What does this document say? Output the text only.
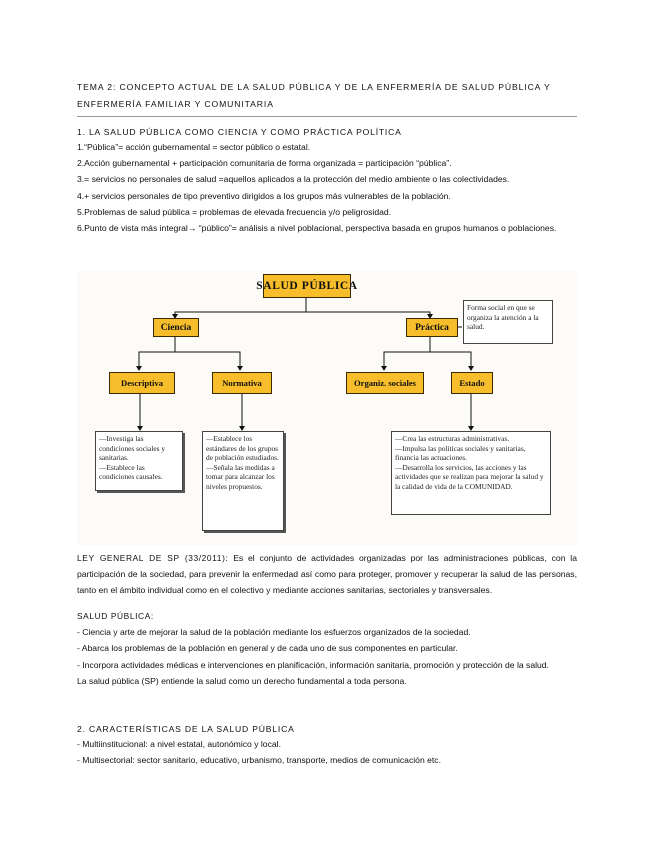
TEMA 2: CONCEPTO ACTUAL DE LA SALUD PÚBLICA Y DE LA ENFERMERÍA DE SALUD PÚBLICA Y ENFERMERÍA FAMILIAR Y COMUNITARIA
1. LA SALUD PÚBLICA COMO CIENCIA Y COMO PRÁCTICA POLÍTICA

1.“Pública”= acción gubernamental = sector público o estatal.

2.Acción gubernamental + participación comunitaria de forma organizada = participación “pública”.

3.= servicios no personales de salud =aquellos aplicados a la protección del medio ambiente o las colectividades.

4.+ servicios personales de tipo preventivo dirigidos a los grupos más vulnerables de la población.

5.Problemas de salud pública = problemas de elevada frecuencia y/o peligrosidad.

6.Punto de vista más integral→ “público”= análisis a nivel poblacional, perspectiva basada en grupos humanos o poblaciones.

SALUD PÚBLICA
Ciencia	Práctica
Forma social en que se organiza la atención a la salud.
Descriptiva	Normativa	Organiz. sociales	Estado

—Investiga las condiciones sociales y sanitarias.

—Establece las condiciones causales.

—Establece los estándares de los grupos de población estudiados.

—Señala las medidas a tomar para alcanzar los niveles propuestos.

—Crea las estructuras administrativas.

—Impulsa las políticas sociales y sanitarias, financia las actuaciones.

—Desarrolla los servicios, las acciones y las actividades que se realizan para mejorar la salud y la calidad de vida de la COMUNIDAD.

LEY GENERAL DE SP (33/2011): Es el conjunto de actividades organizadas por las administraciones públicas, con la participación de la sociedad, para prevenir la enfermedad así como para proteger, promover y recuperar la salud de las personas, tanto en el ámbito individual como en el colectivo y mediante acciones sanitarias, sectoriales y transversales.

SALUD PÚBLICA:

- Ciencia y arte de mejorar la salud de la población mediante los esfuerzos organizados de la sociedad.

- Abarca los problemas de la población en general y de cada uno de sus componentes en particular.

- Incorpora actividades médicas e intervenciones en planificación, información sanitaria, promoción y protección de la salud.

La salud pública (SP) entiende la salud como un derecho fundamental a toda persona.

2. CARACTERÍSTICAS DE LA SALUD PÚBLICA

- Multiinstitucional: a nivel estatal, autonómico y local.

- Multisectorial: sector sanitario, educativo, urbanismo, transporte, medios de comunicación etc.
